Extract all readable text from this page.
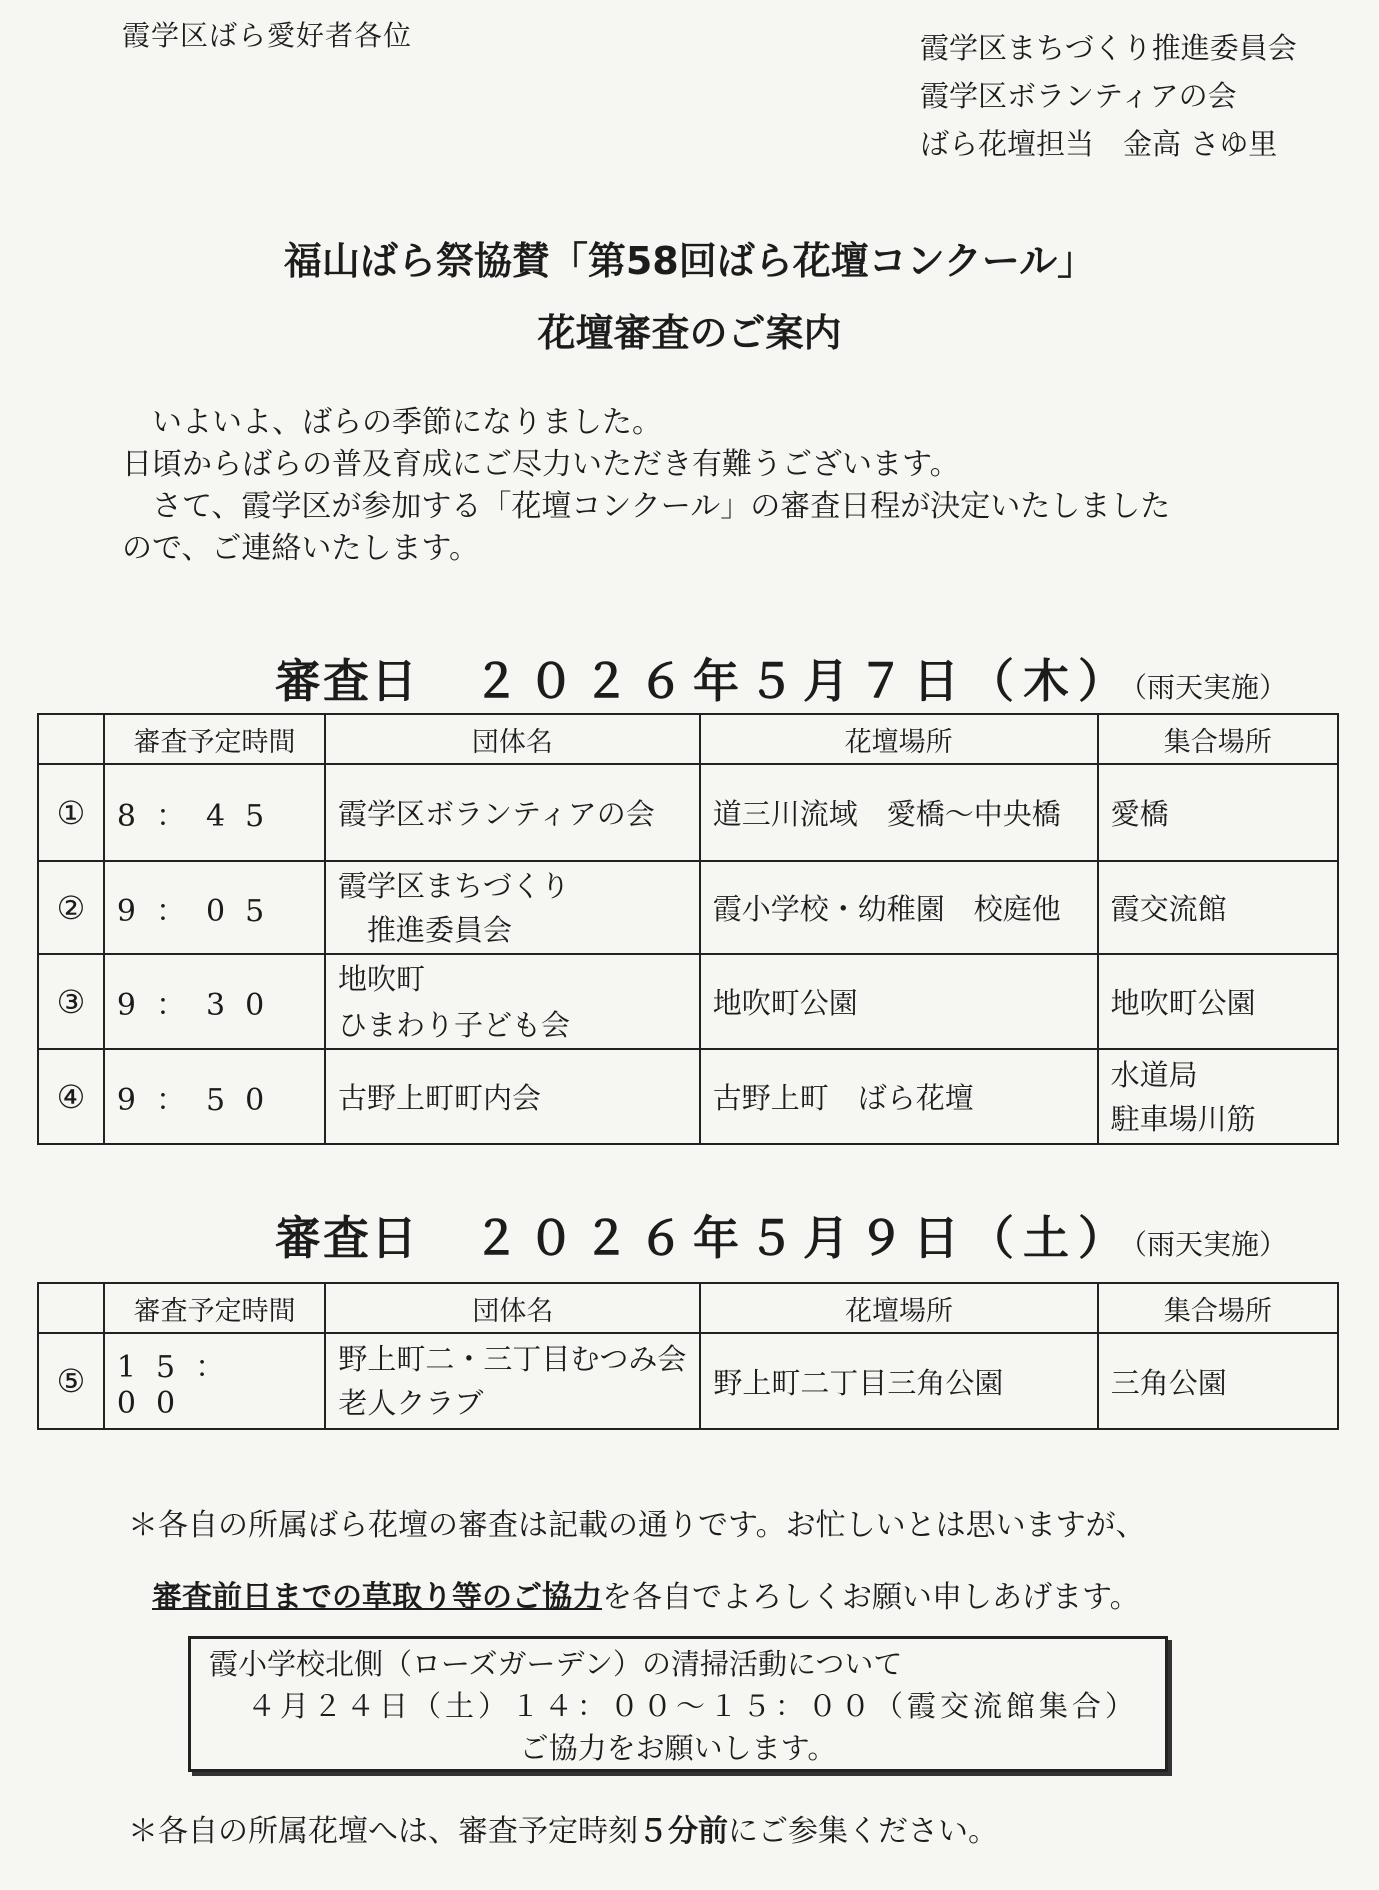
霞学区ばら愛好者各位	霞学区まちづくり推進委員会
霞学区ボランティアの会
ばら花壇担当　金高 さゆ里
福山ばら祭協賛「第58回ばら花壇コンクール」
花壇審査のご案内
　いよいよ、ばらの季節になりました。
日頃からばらの普及育成にご尽力いただき有難うございます。
　さて、霞学区が参加する「花壇コンクール」の審査日程が決定いたしました
ので、ご連絡いたします。
審査日 ２０２６年５月７日（木）（雨天実施）
	審査予定時間	団体名	花壇場所	集合場所
①	8：45	霞学区ボランティアの会	道三川流域　愛橋～中央橋	愛橋

②	9：05	霞学区まちづくり
　推進委員会	霞小学校・幼稚園　校庭他	霞交流館

③	9：30	地吹町
ひまわり子ども会	地吹町公園	地吹町公園

④	9：50	古野上町町内会	古野上町　ばら花壇	水道局
駐車場川筋
審査日 ２０２６年５月９日（土）（雨天実施）
	審査予定時間	団体名	花壇場所	集合場所
⑤	15：00	野上町二・三丁目むつみ会
老人クラブ	野上町二丁目三角公園	三角公園
＊各自の所属ばら花壇の審査は記載の通りです。お忙しいとは思いますが、
審査前日までの草取り等のご協力を各自でよろしくお願い申しあげます。
霞小学校北側（ローズガーデン）の清掃活動について
４月２４日（土）１４：００～１５：００（霞交流館集合）
ご協力をお願いします。
＊各自の所属花壇へは、審査予定時刻５分前にご参集ください。
